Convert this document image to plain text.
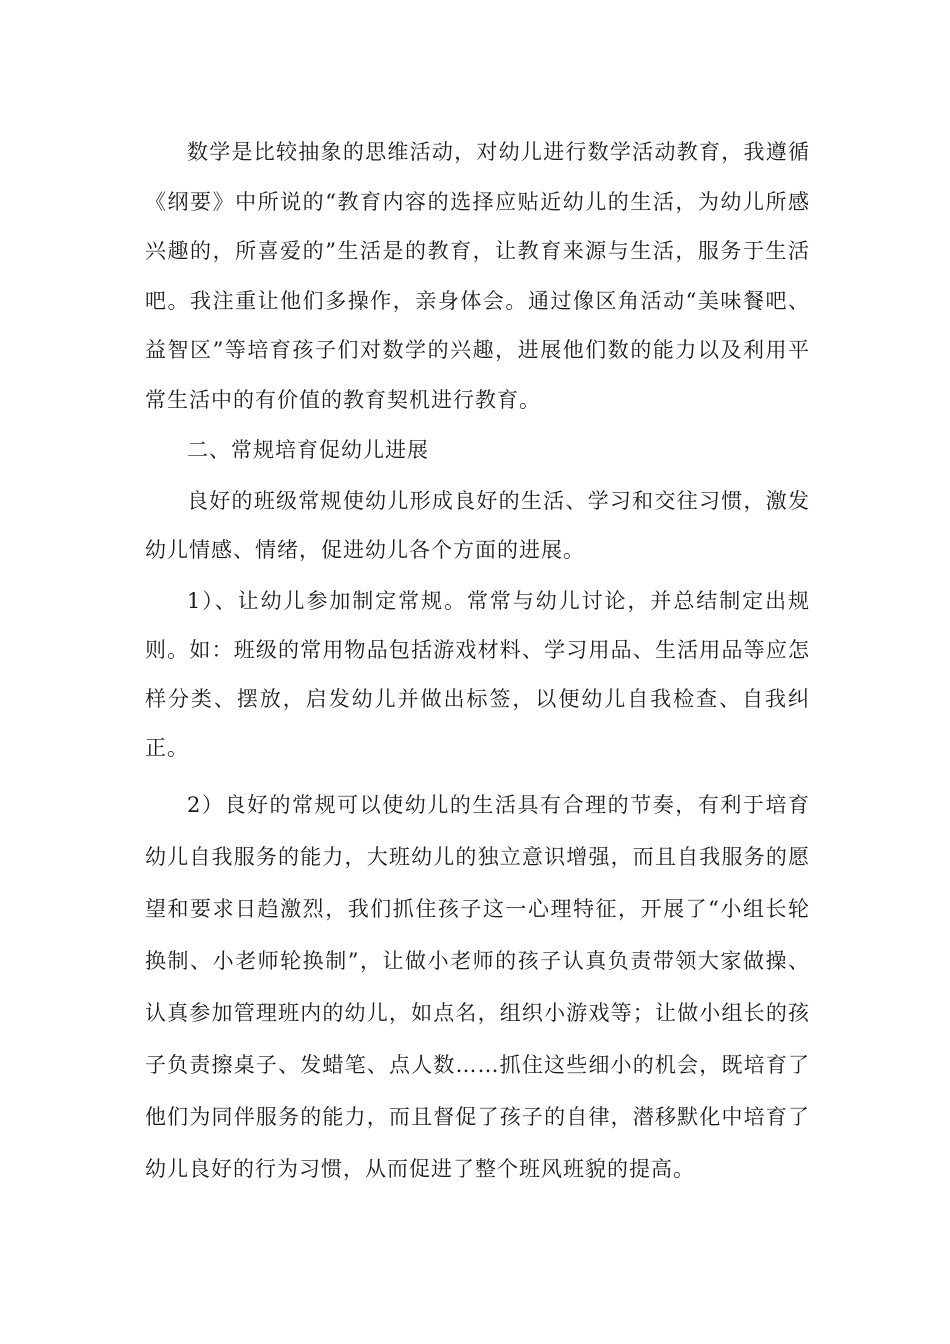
数学是比较抽象的思维活动，对幼儿进行数学活动教育，我遵循《纲要》中所说的“教育内容的选择应贴近幼儿的生活，为幼儿所感兴趣的，所喜爱的”生活是的教育，让教育来源与生活，服务于生活吧。我注重让他们多操作，亲身体会。通过像区角活动“美味餐吧、益智区”等培育孩子们对数学的兴趣，进展他们数的能力以及利用平常生活中的有价值的教育契机进行教育。

二、常规培育促幼儿进展

良好的班级常规使幼儿形成良好的生活、学习和交往习惯，激发幼儿情感、情绪，促进幼儿各个方面的进展。

1）、让幼儿参加制定常规。常常与幼儿讨论，并总结制定出规则。如：班级的常用物品包括游戏材料、学习用品、生活用品等应怎样分类、摆放，启发幼儿并做出标签，以便幼儿自我检查、自我纠正。

2）良好的常规可以使幼儿的生活具有合理的节奏，有利于培育幼儿自我服务的能力，大班幼儿的独立意识增强，而且自我服务的愿望和要求日趋激烈，我们抓住孩子这一心理特征，开展了“小组长轮换制、小老师轮换制”，让做小老师的孩子认真负责带领大家做操、认真参加管理班内的幼儿，如点名，组织小游戏等；让做小组长的孩子负责擦桌子、发蜡笔、点人数……抓住这些细小的机会，既培育了他们为同伴服务的能力，而且督促了孩子的自律，潜移默化中培育了幼儿良好的行为习惯，从而促进了整个班风班貌的提高。
